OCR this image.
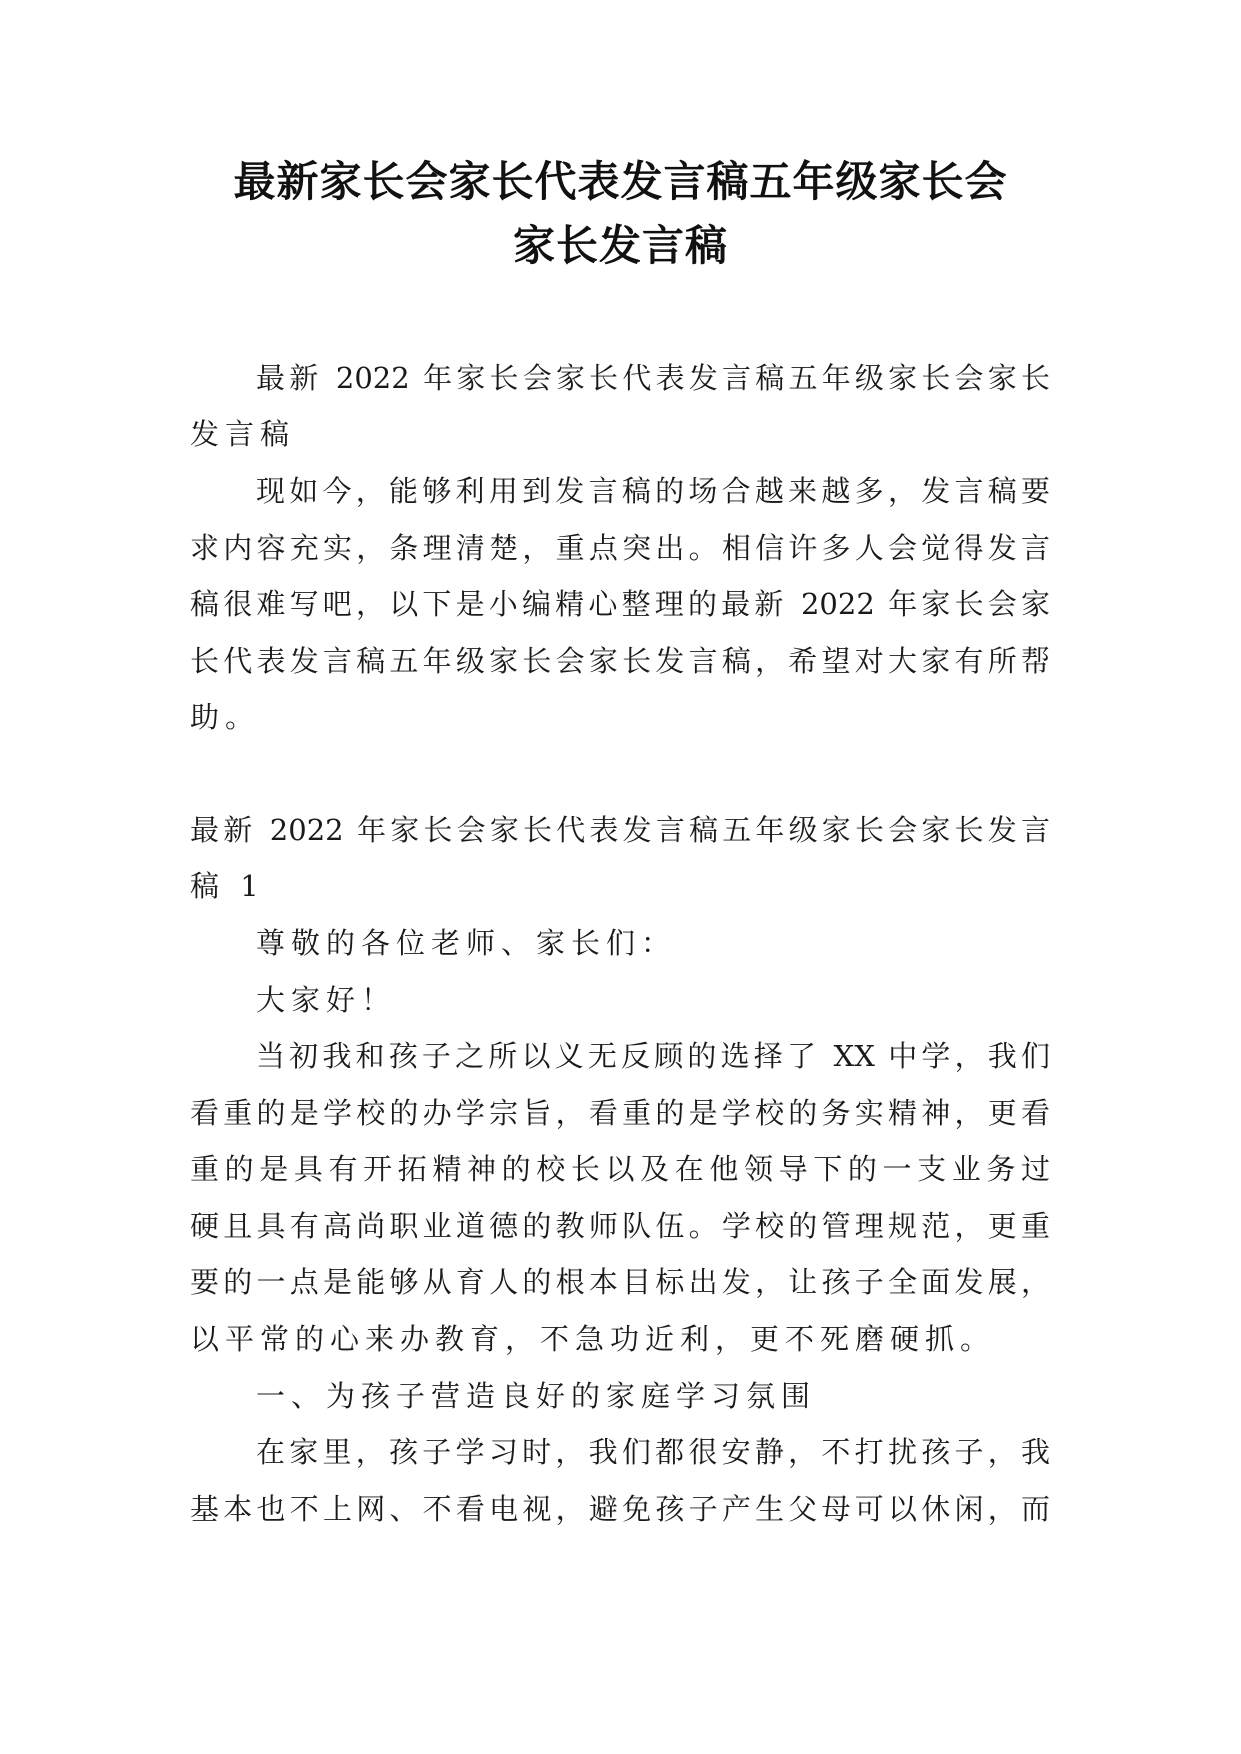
最新家长会家长代表发言稿五年级家长会
家长发言稿
最新 2022 年家长会家长代表发言稿五年级家长会家长
发言稿
现如今，能够利用到发言稿的场合越来越多，发言稿要
求内容充实，条理清楚，重点突出。相信许多人会觉得发言
稿很难写吧，以下是小编精心整理的最新 2022 年家长会家
长代表发言稿五年级家长会家长发言稿，希望对大家有所帮
助。
最新 2022 年家长会家长代表发言稿五年级家长会家长发言
稿 1
尊敬的各位老师、家长们：
大家好！
当初我和孩子之所以义无反顾的选择了 XX 中学，我们
看重的是学校的办学宗旨，看重的是学校的务实精神，更看
重的是具有开拓精神的校长以及在他领导下的一支业务过
硬且具有高尚职业道德的教师队伍。学校的管理规范，更重
要的一点是能够从育人的根本目标出发，让孩子全面发展，
以平常的心来办教育，不急功近利，更不死磨硬抓。
一、为孩子营造良好的家庭学习氛围
在家里，孩子学习时，我们都很安静，不打扰孩子，我
基本也不上网、不看电视，避免孩子产生父母可以休闲，而
